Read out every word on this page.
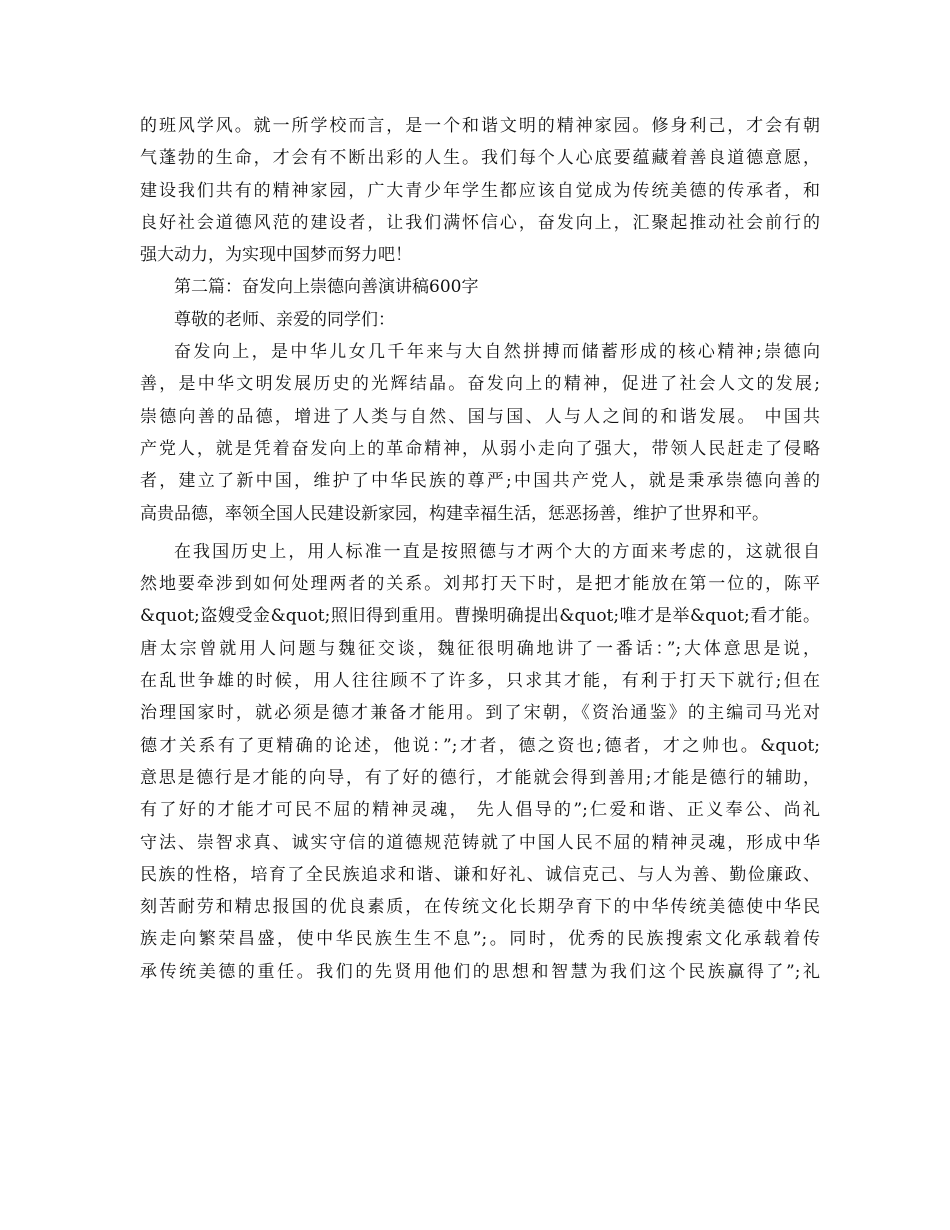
的班风学风。就一所学校而言，是一个和谐文明的精神家园。修身利己，才会有朝
气蓬勃的生命，才会有不断出彩的人生。我们每个人心底要蕴藏着善良道德意愿，
建设我们共有的精神家园，广大青少年学生都应该自觉成为传统美德的传承者，和
良好社会道德风范的建设者，让我们满怀信心，奋发向上，汇聚起推动社会前行的
强大动力，为实现中国梦而努力吧！
第二篇：奋发向上崇德向善演讲稿600字
尊敬的老师、亲爱的同学们：
奋发向上，是中华儿女几千年来与大自然拼搏而储蓄形成的核心精神;崇德向
善，是中华文明发展历史的光辉结晶。奋发向上的精神，促进了社会人文的发展;
崇德向善的品德，增进了人类与自然、国与国、人与人之间的和谐发展。 中国共
产党人，就是凭着奋发向上的革命精神，从弱小走向了强大，带领人民赶走了侵略
者，建立了新中国，维护了中华民族的尊严;中国共产党人，就是秉承崇德向善的
高贵品德，率领全国人民建设新家园，构建幸福生活，惩恶扬善，维护了世界和平。
在我国历史上，用人标准一直是按照德与才两个大的方面来考虑的，这就很自
然地要牵涉到如何处理两者的关系。刘邦打天下时，是把才能放在第一位的，陈平
&quot;盗嫂受金&quot;照旧得到重用。曹操明确提出&quot;唯才是举&quot;看才能。
唐太宗曾就用人问题与魏征交谈，魏征很明确地讲了一番话：”;大体意思是说，
在乱世争雄的时候，用人往往顾不了许多，只求其才能，有利于打天下就行;但在
治理国家时，就必须是德才兼备才能用。到了宋朝，《资治通鉴》的主编司马光对
德才关系有了更精确的论述，他说：”;才者，德之资也;德者，才之帅也。&quot;
意思是德行是才能的向导，有了好的德行，才能就会得到善用;才能是德行的辅助，
有了好的才能才可民不屈的精神灵魂， 先人倡导的”;仁爱和谐、正义奉公、尚礼
守法、崇智求真、诚实守信的道德规范铸就了中国人民不屈的精神灵魂，形成中华
民族的性格，培育了全民族追求和谐、谦和好礼、诚信克己、与人为善、勤俭廉政、
刻苦耐劳和精忠报国的优良素质，在传统文化长期孕育下的中华传统美德使中华民
族走向繁荣昌盛，使中华民族生生不息”;。同时，优秀的民族搜索文化承载着传
承传统美德的重任。我们的先贤用他们的思想和智慧为我们这个民族赢得了”;礼
